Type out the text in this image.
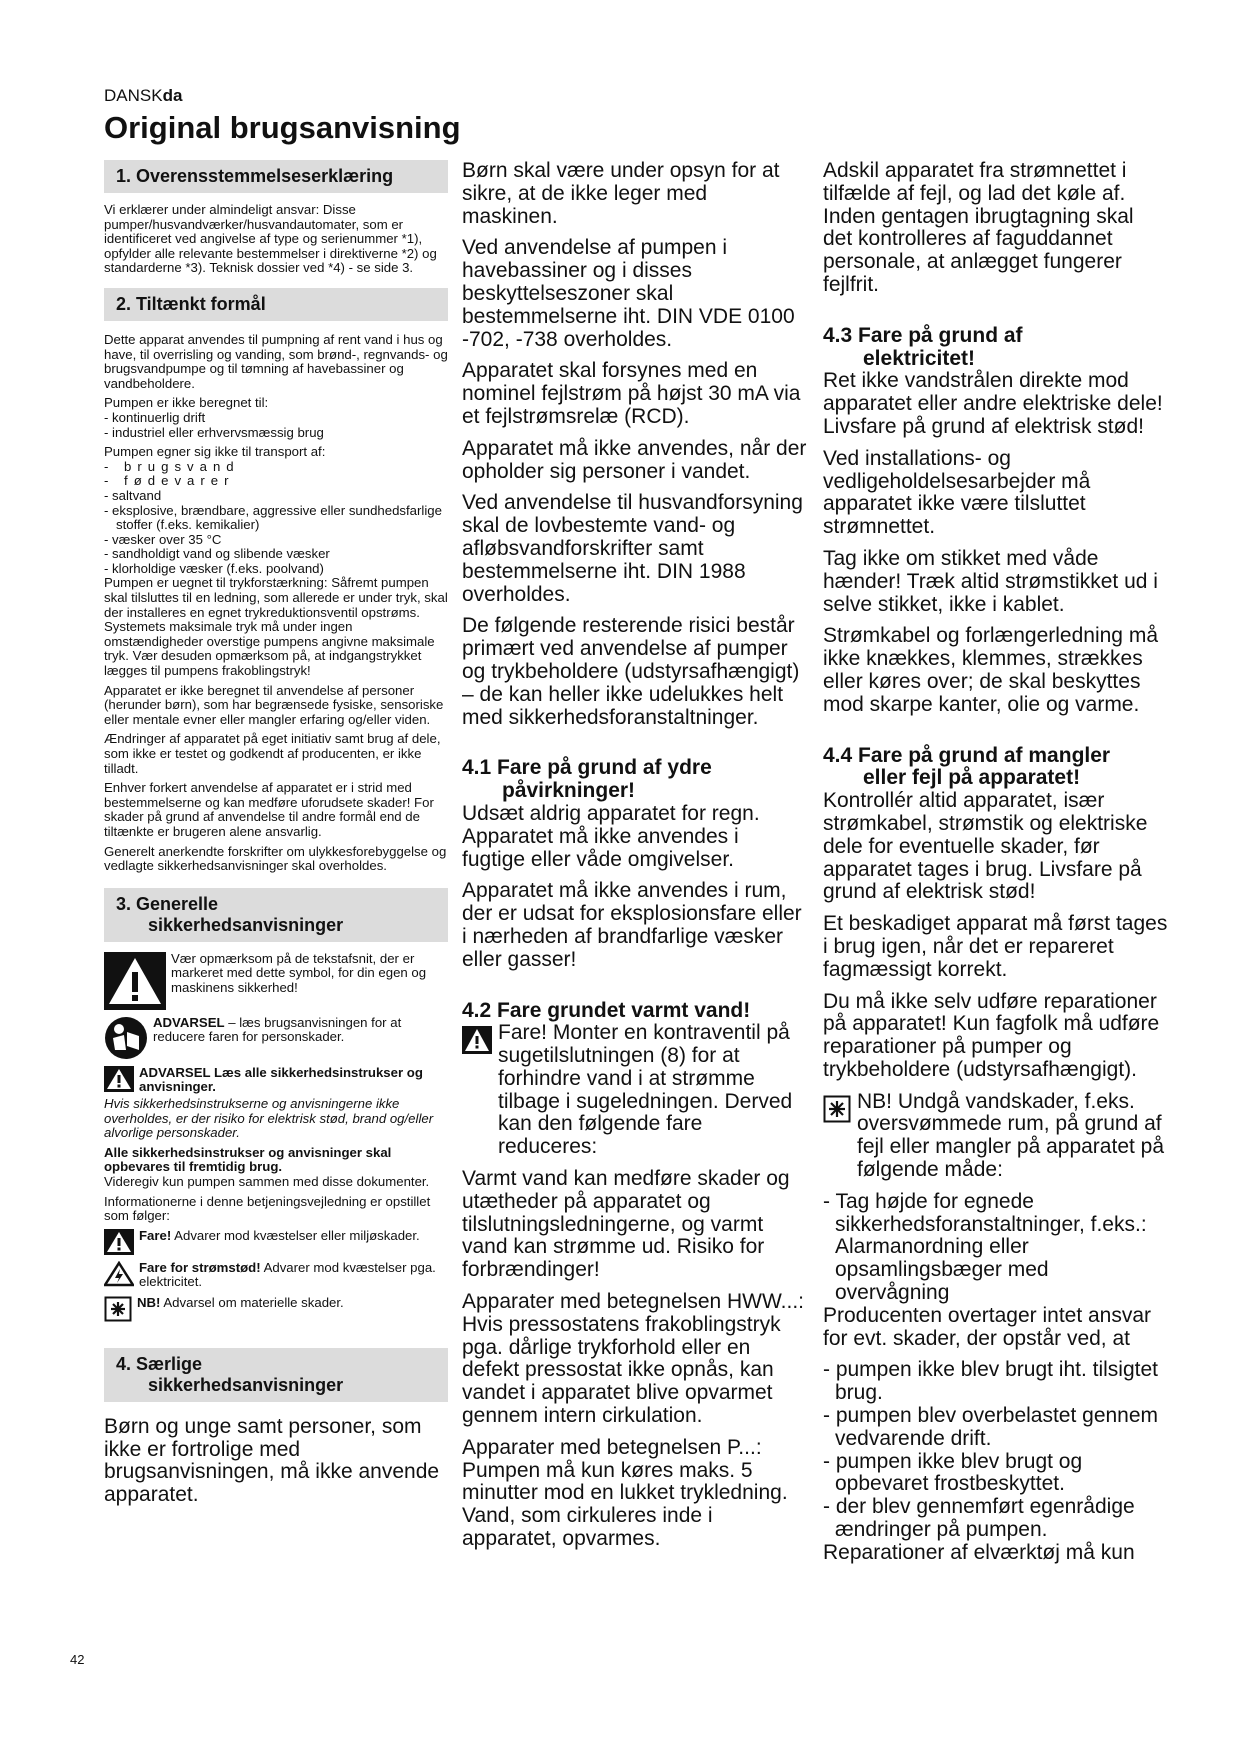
DANSKda
Original brugsanvisning
1. Overensstemmelseserklæring

Vi erklærer under almindeligt ansvar: Disse pumper/husvandværker/husvandautomater, som er identificeret ved angivelse af type og serienummer *1), opfylder alle relevante bestemmelser i direktiverne *2) og standarderne *3). Teknisk dossier ved *4) - se side 3.

2. Tiltænkt formål

Dette apparat anvendes til pumpning af rent vand i hus og have, til overrisling og vanding, som brønd-, regnvands- og brugsvandpumpe og til tømning af havebassiner og vandbeholdere.

Pumpen er ikke beregnet til:

- kontinuerlig drift

- industriel eller erhvervsmæssig brug

Pumpen egner sig ikke til transport af:

- brugsvand

- fødevarer

- saltvand

- eksplosive, brændbare, aggressive eller sundhedsfarlige stoffer (f.eks. kemikalier)

- væsker over 35 °C

- sandholdigt vand og slibende væsker

- klorholdige væsker (f.eks. poolvand)

Pumpen er uegnet til trykforstærkning: Såfremt pumpen skal tilsluttes til en ledning, som allerede er under tryk, skal der installeres en egnet trykreduktionsventil opstrøms. Systemets maksimale tryk må under ingen omstændigheder overstige pumpens angivne maksimale tryk. Vær desuden opmærksom på, at indgangstrykket lægges til pumpens frakoblingstryk!

Apparatet er ikke beregnet til anvendelse af personer (herunder børn), som har begrænsede fysiske, sensoriske eller mentale evner eller mangler erfaring og/eller viden.

Ændringer af apparatet på eget initiativ samt brug af dele, som ikke er testet og godkendt af producenten, er ikke tilladt.

Enhver forkert anvendelse af apparatet er i strid med bestemmelserne og kan medføre uforudsete skader! For skader på grund af anvendelse til andre formål end de tiltænkte er brugeren alene ansvarlig.

Generelt anerkendte forskrifter om ulykkesforebyggelse og vedlagte sikkerhedsanvisninger skal overholdes.

3. Generelle
sikkerhedsanvisninger
Vær opmærksom på de tekstafsnit, der er markeret med dette symbol, for din egen og maskinens sikkerhed!
ADVARSEL – læs brugsanvisningen for at reducere faren for personskader.
ADVARSEL Læs alle sikkerhedsinstrukser og anvisninger.

Hvis sikkerhedsinstrukserne og anvisningerne ikke overholdes, er der risiko for elektrisk stød, brand og/eller alvorlige personskader.

Alle sikkerhedsinstrukser og anvisninger skal opbevares til fremtidig brug.
Videregiv kun pumpen sammen med disse dokumenter.

Informationerne i denne betjeningsvejledning er opstillet som følger:

Fare! Advarer mod kvæstelser eller miljøskader.
Fare for strømstød! Advarer mod kvæstelser pga. elektricitet.
NB! Advarsel om materielle skader.
4. Særlige
sikkerhedsanvisninger

Børn og unge samt personer, som ikke er fortrolige med brugsanvisningen, må ikke anvende apparatet.

Børn skal være under opsyn for at sikre, at de ikke leger med maskinen.

Ved anvendelse af pumpen i havebassiner og i disses beskyttelseszoner skal bestemmelserne iht. DIN VDE 0100 -702, -738 overholdes.

Apparatet skal forsynes med en nominel fejlstrøm på højst 30 mA via et fejlstrømsrelæ (RCD).

Apparatet må ikke anvendes, når der opholder sig personer i vandet.

Ved anvendelse til husvandforsyning skal de lovbestemte vand- og afløbsvandforskrifter samt bestemmelserne iht. DIN 1988 overholdes.

De følgende resterende risici består primært ved anvendelse af pumper og trykbeholdere (udstyrsafhængigt) – de kan heller ikke udelukkes helt med sikkerhedsforanstaltninger.

4.1 Fare på grund af ydre
påvirkninger!

Udsæt aldrig apparatet for regn. Apparatet må ikke anvendes i fugtige eller våde omgivelser.

Apparatet må ikke anvendes i rum, der er udsat for eksplosionsfare eller i nærheden af brandfarlige væsker eller gasser!

4.2 Fare grundet varmt vand!

Fare! Monter en kontraventil på sugetilslutningen (8) for at forhindre vand i at strømme tilbage i sugeledningen. Derved kan den følgende fare reduceres:

Varmt vand kan medføre skader og utætheder på apparatet og tilslutningsledningerne, og varmt vand kan strømme ud. Risiko for forbrændinger!

Apparater med betegnelsen HWW...: Hvis pressostatens frakoblingstryk pga. dårlige trykforhold eller en defekt pressostat ikke opnås, kan vandet i apparatet blive opvarmet gennem intern cirkulation.

Apparater med betegnelsen P...: Pumpen må kun køres maks. 5 minutter mod en lukket trykledning. Vand, som cirkuleres inde i apparatet, opvarmes.

Adskil apparatet fra strømnettet i tilfælde af fejl, og lad det køle af. Inden gentagen ibrugtagning skal det kontrolleres af faguddannet personale, at anlægget fungerer fejlfrit.

4.3 Fare på grund af
elektricitet!

Ret ikke vandstrålen direkte mod apparatet eller andre elektriske dele! Livsfare på grund af elektrisk stød!

Ved installations- og vedligeholdelsesarbejder må apparatet ikke være tilsluttet strømnettet.

Tag ikke om stikket med våde hænder! Træk altid strømstikket ud i selve stikket, ikke i kablet.

Strømkabel og forlængerledning må ikke knækkes, klemmes, strækkes eller køres over; de skal beskyttes mod skarpe kanter, olie og varme.

4.4 Fare på grund af mangler
eller fejl på apparatet!

Kontrollér altid apparatet, især strømkabel, strømstik og elektriske dele for eventuelle skader, før apparatet tages i brug. Livsfare på grund af elektrisk stød!

Et beskadiget apparat må først tages i brug igen, når det er repareret fagmæssigt korrekt.

Du må ikke selv udføre reparationer på apparatet! Kun fagfolk må udføre reparationer på pumper og trykbeholdere (udstyrsafhængigt).

NB! Undgå vandskader, f.eks. oversvømmede rum, på grund af fejl eller mangler på apparatet på følgende måde:

- Tag højde for egnede sikkerhedsforanstaltninger, f.eks.: Alarmanordning eller opsamlingsbæger med overvågning

Producenten overtager intet ansvar for evt. skader, der opstår ved, at

- pumpen ikke blev brugt iht. tilsigtet brug.

- pumpen blev overbelastet gennem vedvarende drift.

- pumpen ikke blev brugt og opbevaret frostbeskyttet.

- der blev gennemført egenrådige ændringer på pumpen.

Reparationer af elværktøj må kun

42
